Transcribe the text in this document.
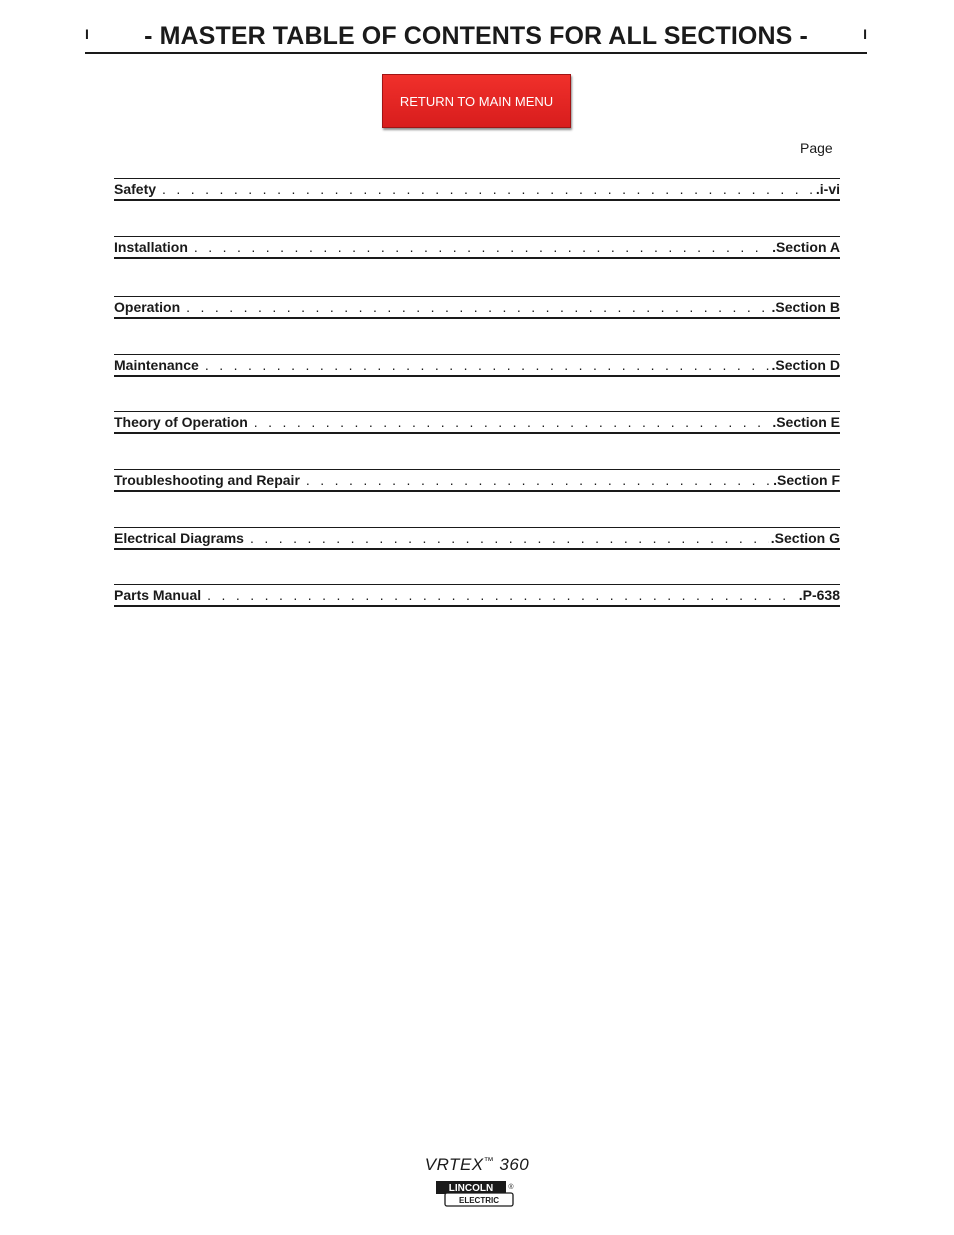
I	- MASTER TABLE OF CONTENTS FOR ALL SECTIONS -	I
RETURN TO MAIN MENU
Page
Safety . . .	.i-vi
Installation . . .	.Section A
Operation . . .	.Section B
Maintenance . . .	.Section D
Theory of Operation . . .	.Section E
Troubleshooting and Repair . . .	.Section F
Electrical Diagrams . . .	.Section G
Parts Manual . . .	.P-638
VRTEX™ 360
LINCOLN
ELECTRIC
®
